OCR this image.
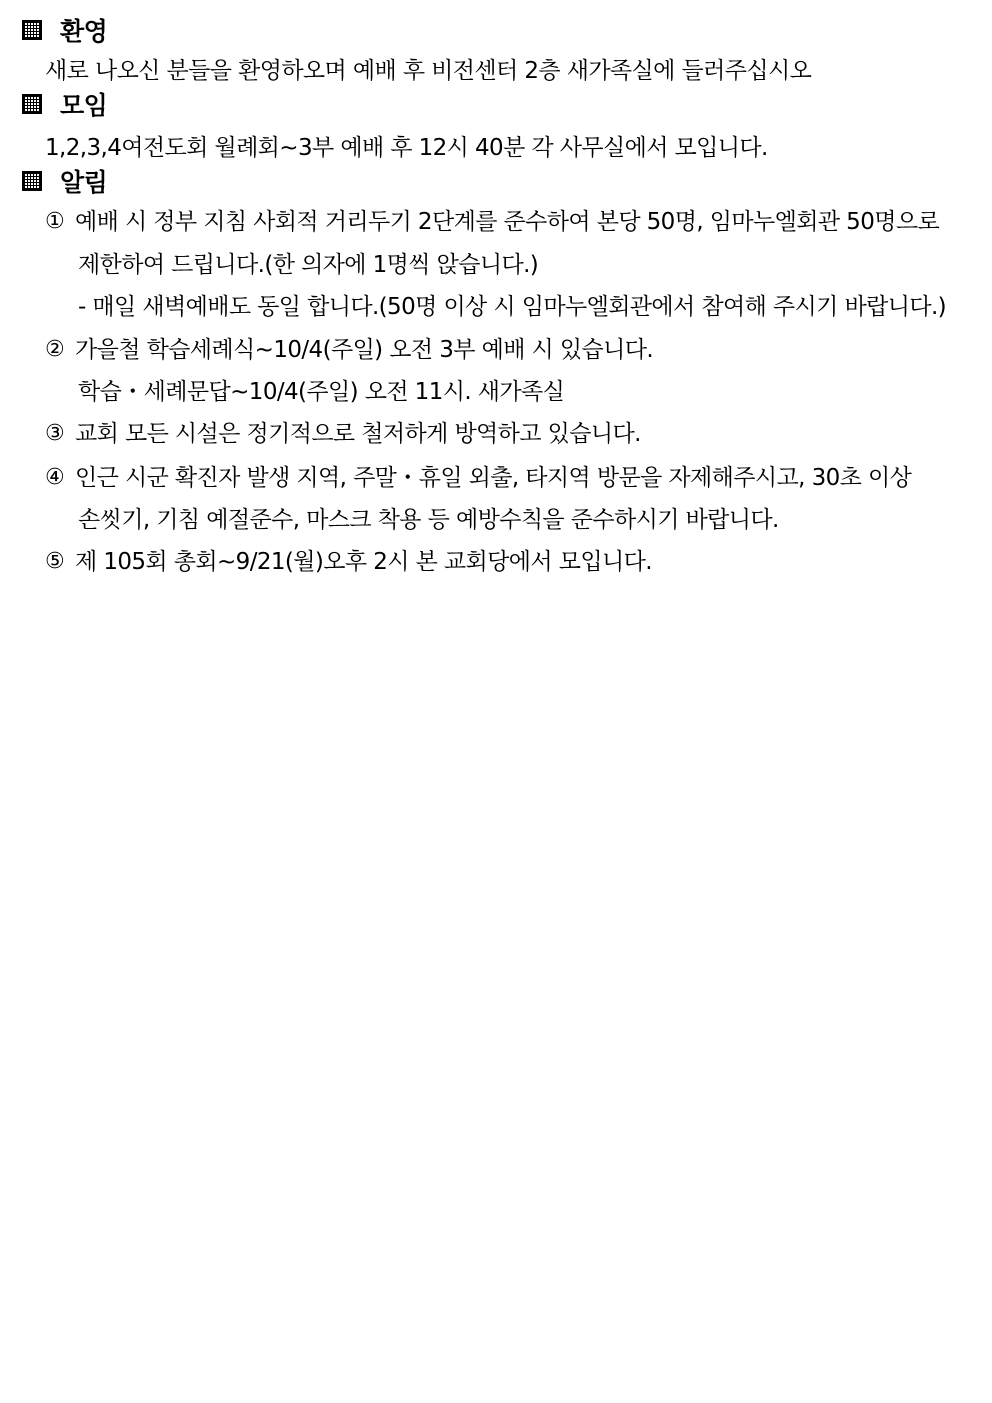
환영
새로 나오신 분들을 환영하오며 예배 후 비전센터 2층 새가족실에 들러주십시오
모임
1,2,3,4여전도회 월례회~3부 예배 후 12시 40분 각 사무실에서 모입니다.
알림
① 예배 시 정부 지침 사회적 거리두기 2단계를 준수하여 본당 50명, 임마누엘회관 50명으로
제한하여 드립니다.(한 의자에 1명씩 앉습니다.)
- 매일 새벽예배도 동일 합니다.(50명 이상 시 임마누엘회관에서 참여해 주시기 바랍니다.)
② 가을철 학습세례식~10/4(주일) 오전 3부 예배 시 있습니다.
학습・세례문답~10/4(주일) 오전 11시. 새가족실
③ 교회 모든 시설은 정기적으로 철저하게 방역하고 있습니다.
④ 인근 시군 확진자 발생 지역, 주말・휴일 외출, 타지역 방문을 자제해주시고, 30초 이상
손씻기, 기침 예절준수, 마스크 착용 등 예방수칙을 준수하시기 바랍니다.
⑤ 제 105회 총회~9/21(월)오후 2시 본 교회당에서 모입니다.
